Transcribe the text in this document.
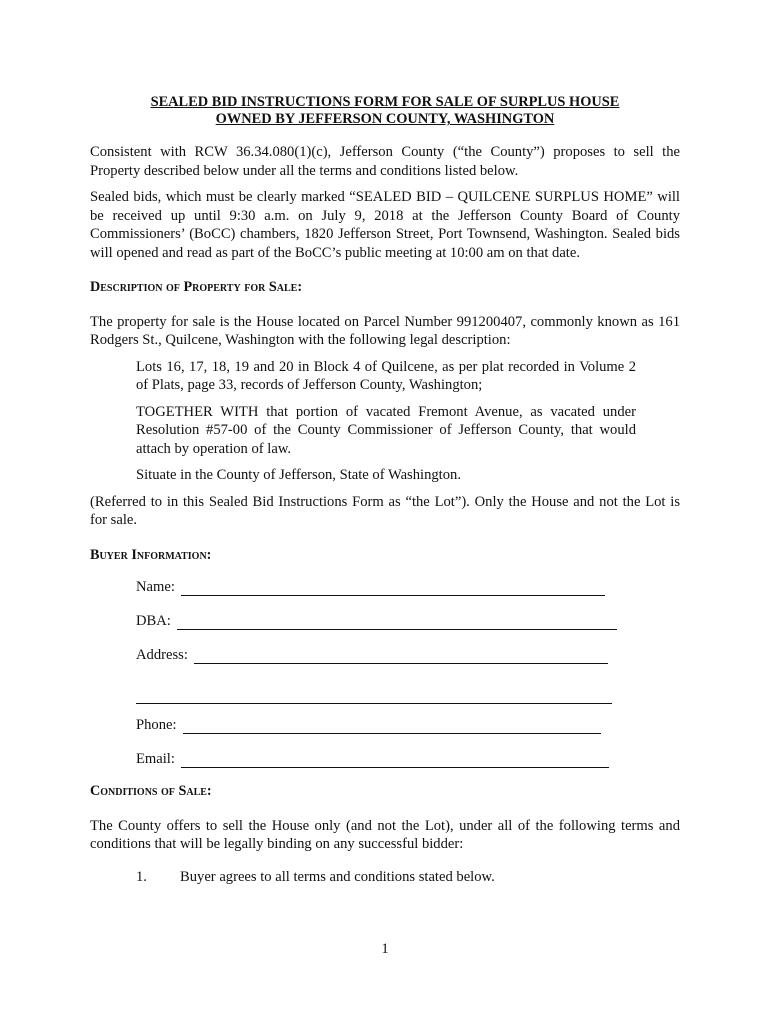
SEALED BID INSTRUCTIONS FORM FOR SALE OF SURPLUS HOUSE

OWNED BY JEFFERSON COUNTY, WASHINGTON

Consistent with RCW 36.34.080(1)(c), Jefferson County (“the County”) proposes to sell the Property described below under all the terms and conditions listed below.

Sealed bids, which must be clearly marked “SEALED BID – QUILCENE SURPLUS HOME” will be received up until 9:30 a.m. on July 9, 2018 at the Jefferson County Board of County Commissioners’ (BoCC) chambers, 1820 Jefferson Street, Port Townsend, Washington. Sealed bids will opened and read as part of the BoCC’s public meeting at 10:00 am on that date.

Description of Property for Sale:

The property for sale is the House located on Parcel Number 991200407, commonly known as 161 Rodgers St., Quilcene, Washington with the following legal description:

Lots 16, 17, 18, 19 and 20 in Block 4 of Quilcene, as per plat recorded in Volume 2 of Plats, page 33, records of Jefferson County, Washington;

TOGETHER WITH that portion of vacated Fremont Avenue, as vacated under Resolution #57-00 of the County Commissioner of Jefferson County, that would attach by operation of law.

Situate in the County of Jefferson, State of Washington.

(Referred to in this Sealed Bid Instructions Form as “the Lot”). Only the House and not the Lot is for sale.

Buyer Information:

Name:
DBA:
Address:
Phone:
Email:

Conditions of Sale:

The County offers to sell the House only (and not the Lot), under all of the following terms and conditions that will be legally binding on any successful bidder:

1.	Buyer agrees to all terms and conditions stated below.
1
